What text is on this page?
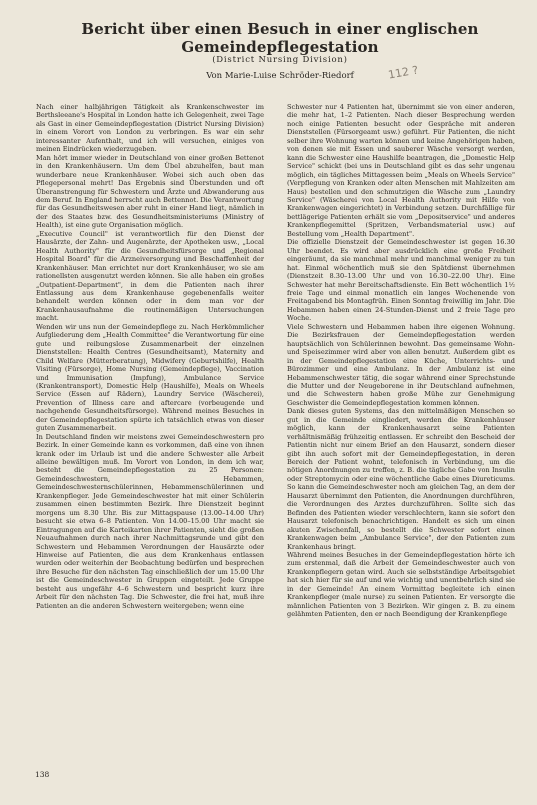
Bericht über einen Besuch in einer englischen Gemeindepflegestation
(District Nursing Division)
Von Marie-Luise Schröder-Riedorf	112 ?

Nach einer halbjährigen Tätigkeit als Krankenschwester im Berthsleeane's Hospital in London hatte ich Gelegenheit, zwei Tage als Gast in einer Gemeindepflegestation (District Nursing Division) in einem Vorort von London zu verbringen. Es war ein sehr interessanter Aufenthalt, und ich will versuchen, einiges von meinen Eindrücken wiederzugeben.

Man hört immer wieder in Deutschland von einer großen Bettenot in den Krankenhäusern. Um dem Übel abzuhelfen, baut man wunderbare neue Krankenhäuser. Wobei sich auch oben das Pflegepersonal mehrt! Das Ergebnis sind Überstunden und oft Überanstrengung für Schwestern und Ärzte und Abwanderung aus dem Beruf. In England herrscht auch Bettennot. Die Verantwortung für das Gesundheitswesen aber ruht in einer Hand liegt, nämlich in der des Staates bzw. des Gesundheitsministeriums (Ministry of Health), ist eine gute Organisation möglich.

„Executive Council" ist verantwortlich für den Dienst der Hausärzte, der Zahn- und Augenärzte, der Apotheken usw., „Local Health Authority" für die Gesundheitsfürsorge und „Regional Hospital Board" für die Arzneiversorgung und Beschaffenheit der Krankenhäuser. Man errichtet nur dort Krankenhäuser, wo sie am rationellsten ausgenutzt werden können. Sie alle haben ein großes „Outpatient-Department", in dem die Patienten nach ihrer Entlassung aus dem Krankenhause gegebenenfalls weiter behandelt werden können oder in dem man vor der Krankenhausaufnahme die routinemäßigen Untersuchungen macht.

Wenden wir uns nun der Gemeindepflege zu. Nach Herkömmlicher Aufgliederung dem „Health Committee" die Verantwortung für eine gute und reibungslose Zusammenarbeit der einzelnen Dienststellen: Health Centres (Gesundheitsamt), Maternity and Child Welfare (Mütterberatung), Midwifery (Geburtshilfe), Health Visiting (Fürsorge), Home Nursing (Gemeindepflege), Vaccination und Immunisation (Impfung), Ambulance Service (Krankentransport), Domestic Help (Haushilfe), Meals on Wheels Service (Essen auf Rädern), Laundry Service (Wäscherei), Prevention of Illness care and aftercare (vorbeugende und nachgehende Gesundheitsfürsorge). Während meines Besuches in der Gemeindepflegestation spürte ich tatsächlich etwas von dieser guten Zusammenarbeit.

In Deutschland finden wir meistens zwei Gemeindeschwestern pro Bezirk. In einer Gemeinde kann es vorkommen, daß eine von ihnen krank oder im Urlaub ist und die andere Schwester alle Arbeit alleine bewältigen muß. Im Vorort von London, in dem ich war, besteht die Gemeindepflegestation zu 25 Personen: Gemeindeschwestern, Hebammen, Gemeindeschwesternschülerinnen, Hebammenschülerinnen und Krankenpfleger. Jede Gemeindeschwester hat mit einer Schülerin zusammen einen bestimmten Bezirk. Ihre Dienstzeit beginnt morgens um 8.30 Uhr. Bis zur Mittagspause (13.00–14.00 Uhr) besucht sie etwa 6–8 Patienten. Von 14.00–15.00 Uhr macht sie Eintragungen auf die Karteikarten ihrer Patienten, sieht die großen Neuaufnahmen durch nach ihrer Nachmittagsrunde und gibt den Schwestern und Hebammen Verordnungen der Hausärzte oder Hinweise auf Patienten, die aus dem Krankenhaus entlassen wurden oder weiterhin der Beobachtung bedürfen und besprechen ihre Besuche für den nächsten Tag einschließlich der um 15.00 Uhr ist die Gemeindeschwester in Gruppen eingeteilt. Jede Gruppe besteht aus ungefähr 4–6 Schwestern und bespricht kurz ihre Arbeit für den nächsten Tag. Die Schwester, die frei hat, muß ihre Patienten an die anderen Schwestern weitergeben; wenn eine

Schwester nur 4 Patienten hat, übernimmt sie von einer anderen, die mehr hat, 1–2 Patienten. Nach dieser Besprechung werden noch einige Patienten besucht oder Gespräche mit anderen Dienststellen (Fürsorgeamt usw.) geführt. Für Patienten, die nicht selber ihre Wohnung warten können und keine Angehörigen haben, von denen sie mit Essen und sauberer Wäsche versorgt werden, kann die Schwester eine Haushilfe beantragen, die „Domestic Help Service" schickt (bei uns in Deutschland gibt es das sehr ungenau möglich, ein tägliches Mittagessen beim „Meals on Wheels Service" (Verpflegung von Kranken oder alten Menschen mit Mahlzeiten am Haus) bestellen und den schmutzigen die Wäsche zum „Laundry Service" (Wäscherei von Local Health Authority mit Hilfe von Krankenwagen eingerichtet) in Verbindung setzen. Durchfällige für bettlägerige Patienten erhält sie vom „Depositservice" und anderes Krankenpflegemittel (Spritzen, Verbandsmaterial usw.) auf Bestellung vom „Health Department".

Die offizielle Dienstzeit der Gemeindeschwester ist gegen 16.30 Uhr beendet. Es wird aber ausdrücklich eine große Freiheit eingeräumt, da sie manchmal mehr und manchmal weniger zu tun hat. Einmal wöchentlich muß sie den Spätdienst übernehmen (Dienstzeit 8.30–13.00 Uhr und von 16.30–22.00 Uhr). Eine Schwester hat mehr Bereitschaftsdienste. Ein Bett wöchentlich 1½ freie Tage und einmal monatlich ein langes Wochenende von Freitagabend bis Montagfrüh. Einen Sonntag freiwillig im Jahr. Die Hebammen haben einen 24-Stunden-Dienst und 2 freie Tage pro Woche.

Viele Schwestern und Hebammen haben ihre eigenen Wohnung. Die Bezirksfrauen der Gemeindepflegestation werden hauptsächlich von Schülerinnen bewohnt. Das gemeinsame Wohn- und Speisezimmer wird aber von allen benutzt. Außerdem gibt es in der Gemeindepflegestation eine Küche, Unterrichts- und Bürozimmer und eine Ambulanz. In der Ambulanz ist eine Hebammenschwester tätig, die sogar während einer Sprechstunde die Mutter und der Neugeborene in ihr Deutschland aufnehmen, und die Schwestern haben große Mühe zur Genehmigung Geschwister die Gemeindepflegestation kommen können.

Dank dieses guten Systems, das den mittelmäßigen Menschen so gut in die Gemeinde eingliedert, werden die Krankenhäuser möglich, kann der Krankenhausarzt seine Patienten verhältnismäßig frühzeitig entlassen. Er schreibt den Bescheid der Patientin nicht nur einem Brief an den Hausarzt, sondern dieser gibt ihn auch sofort mit der Gemeindepflegestation, in deren Bereich der Patient wohnt, telefonisch in Verbindung, um die nötigen Anordnungen zu treffen, z. B. die tägliche Gabe von Insulin oder Streptomycin oder eine wöchentliche Gabe eines Diureticums. So kann die Gemeindeschwester noch am gleichen Tag, an dem der Hausarzt übernimmt den Patienten, die Anordnungen durchführen, die Verordnungen des Arztes durchzuführen. Sollte sich das Befinden des Patienten wieder verschlechtern, kann sie sofort den Hausarzt telefonisch benachrichtigen. Handelt es sich um einen akuten Zwischenfall, so bestellt die Schwester sofort einen Krankenwagen beim „Ambulance Service", der den Patienten zum Krankenhaus bringt.

Während meines Besuches in der Gemeindepflegestation hörte ich zum erstenmal, daß die Arbeit der Gemeindeschwester auch von Krankenpflegern getan wird. Auch sie selbstständige Arbeitsgebiet hat sich hier für sie auf und wie wichtig und unentbehrlich sind sie in der Gemeinde! An einem Vormittag begleitete ich einen Krankenpfleger (male nurse) zu seinen Patienten. Er versorgte die männlichen Patienten von 3 Bezirken. Wir gingen z. B. zu einem gelähmten Patienten, den er nach Beendigung der Krankenpflege

138
